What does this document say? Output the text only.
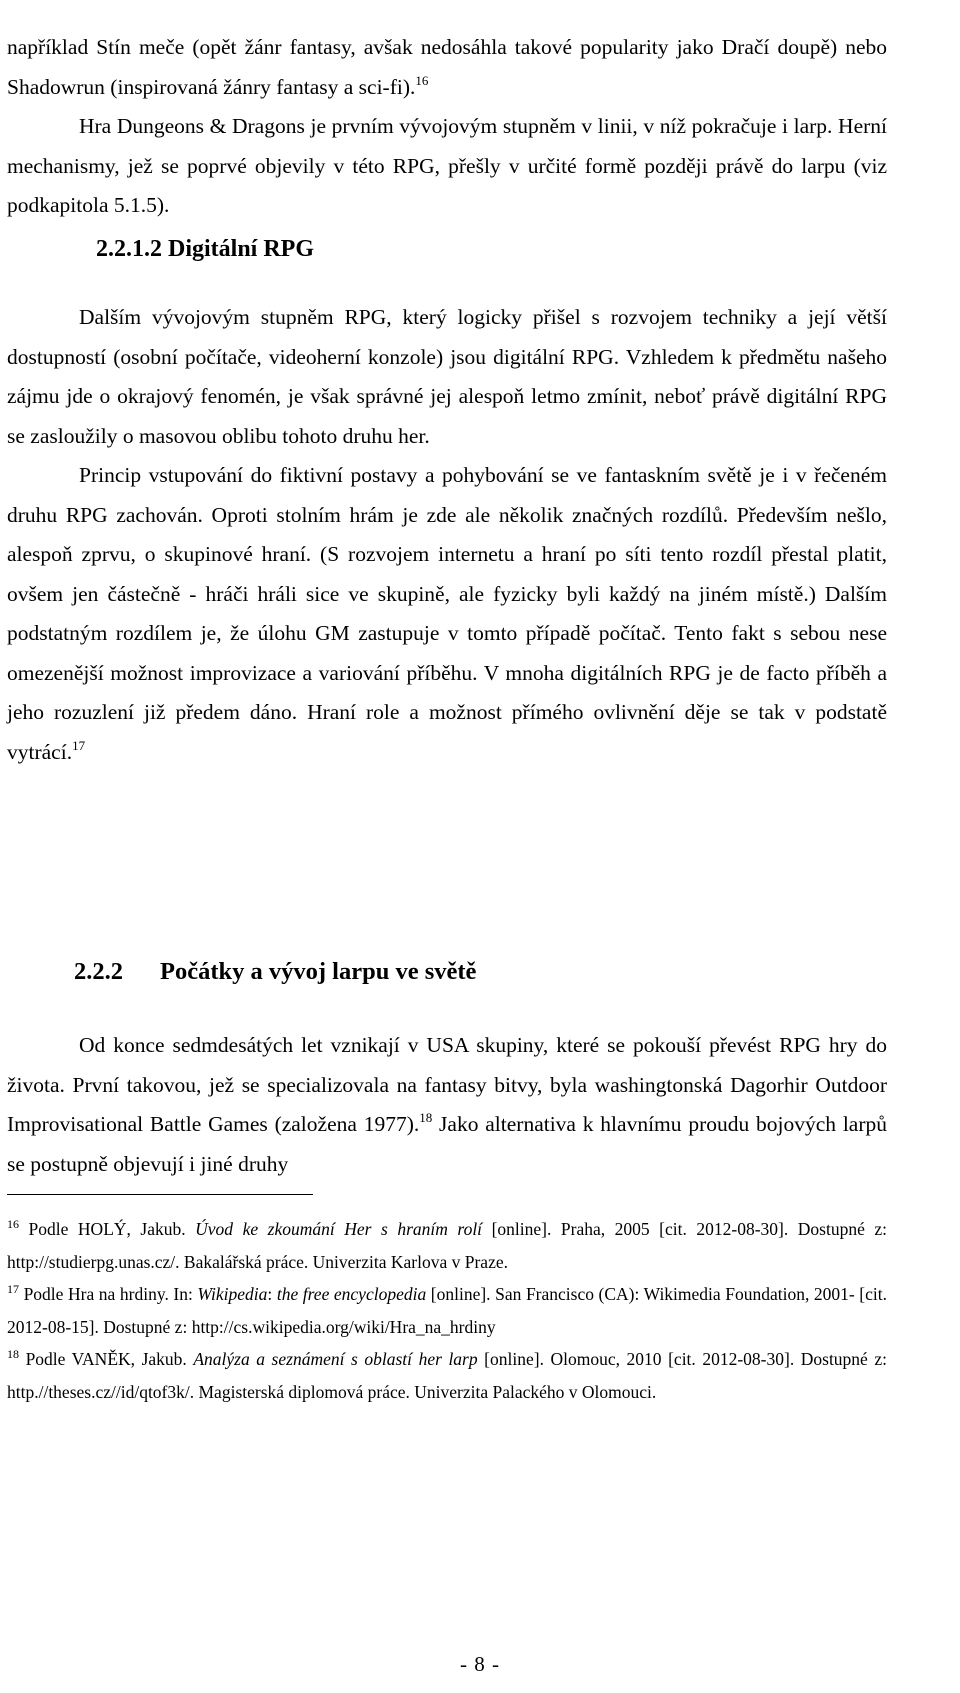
například Stín meče (opět žánr fantasy, avšak nedosáhla takové popularity jako Dračí doupě) nebo Shadowrun (inspirovaná žánry fantasy a sci-fi).$^{16}$

Hra Dungeons & Dragons je prvním vývojovým stupněm v linii, v níž pokračuje i larp. Herní mechanismy, jež se poprvé objevily v této RPG, přešly v určité formě později právě do larpu (viz podkapitola 5.1.5).

2.2.1.2 Digitální RPG

Dalším vývojovým stupněm RPG, který logicky přišel s rozvojem techniky a její větší dostupností (osobní počítače, videoherní konzole) jsou digitální RPG. Vzhledem k předmětu našeho zájmu jde o okrajový fenomén, je však správné jej alespoň letmo zmínit, neboť právě digitální RPG se zasloužily o masovou oblibu tohoto druhu her.

Princip vstupování do fiktivní postavy a pohybování se ve fantaskním světě je i v řečeném druhu RPG zachován. Oproti stolním hrám je zde ale několik značných rozdílů. Především nešlo, alespoň zprvu, o skupinové hraní. (S rozvojem internetu a hraní po síti tento rozdíl přestal platit, ovšem jen částečně - hráči hráli sice ve skupině, ale fyzicky byli každý na jiném místě.) Dalším podstatným rozdílem je, že úlohu GM zastupuje v tomto případě počítač. Tento fakt s sebou nese omezenější možnost improvizace a variování příběhu. V mnoha digitálních RPG je de facto příběh a jeho rozuzlení již předem dáno. Hraní role a možnost přímého ovlivnění děje se tak v podstatě vytrácí.$^{17}$

2.2.2 Počátky a vývoj larpu ve světě

Od konce sedmdesátých let vznikají v USA skupiny, které se pokouší převést RPG hry do života. První takovou, jež se specializovala na fantasy bitvy, byla washingtonská Dagorhir Outdoor Improvisational Battle Games (založena 1977).$^{18}$ Jako alternativa k hlavnímu proudu bojových larpů se postupně objevují i jiné druhy

$^{16}$ Podle HOLÝ, Jakub. Úvod ke zkoumání Her s hraním rolí [online]. Praha, 2005 [cit. 2012-08-30]. Dostupné z: http://studierpg.unas.cz/. Bakalářská práce. Univerzita Karlova v Praze.

$^{17}$ Podle Hra na hrdiny. In: Wikipedia: the free encyclopedia [online]. San Francisco (CA): Wikimedia Foundation, 2001- [cit. 2012-08-15]. Dostupné z: http://cs.wikipedia.org/wiki/Hra_na_hrdiny

$^{18}$ Podle VANĚK, Jakub. Analýza a seznámení s oblastí her larp [online]. Olomouc, 2010 [cit. 2012-08-30]. Dostupné z: http.//theses.cz//id/qtof3k/. Magisterská diplomová práce. Univerzita Palackého v Olomouci.

- 8 -
